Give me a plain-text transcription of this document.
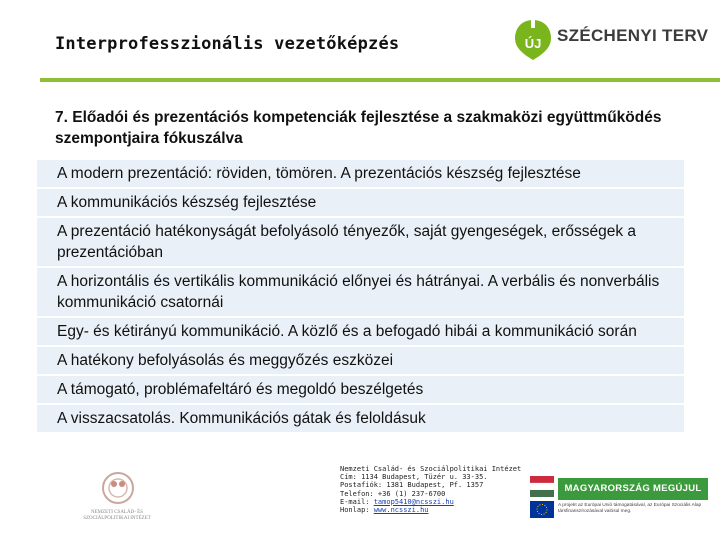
Interprofesszionális vezetőképzés	ÚJ SZÉCHENYI TERV
7. Előadói és prezentációs kompetenciák fejlesztése a szakmaközi együttműködés szempontjaira fókuszálva
A modern prezentáció: röviden, tömören. A prezentációs készség fejlesztése
A kommunikációs készség fejlesztése
A prezentáció hatékonyságát befolyásoló tényezők, saját gyengeségek, erősségek a prezentációban
A horizontális és vertikális kommunikáció előnyei és hátrányai. A verbális és nonverbális kommunikáció csatornái
Egy- és kétirányú kommunikáció. A közlő és a befogadó hibái a kommunikáció során
A hatékony befolyásolás és meggyőzés eszközei
A támogató, problémafeltáró és megoldó beszélgetés
A visszacsatolás. Kommunikációs gátak és feloldásuk
NEMZETI CSALÁD- ÉS SZOCIÁLPOLITIKAI INTÉZET
Nemzeti Család- és Szociálpolitikai Intézet
Cím: 1134 Budapest, Tüzér u. 33-35.
Postafiók: 1381 Budapest, Pf. 1357
Telefon: +36 (1) 237-6700
E-mail: tamop5410@ncsszi.hu
Honlap: www.ncsszi.hu
MAGYARORSZÁG MEGÚJUL
A projekt az Európai Unió támogatásával, az Európai Szociális Alap társfinanszírozásával valósul meg.
